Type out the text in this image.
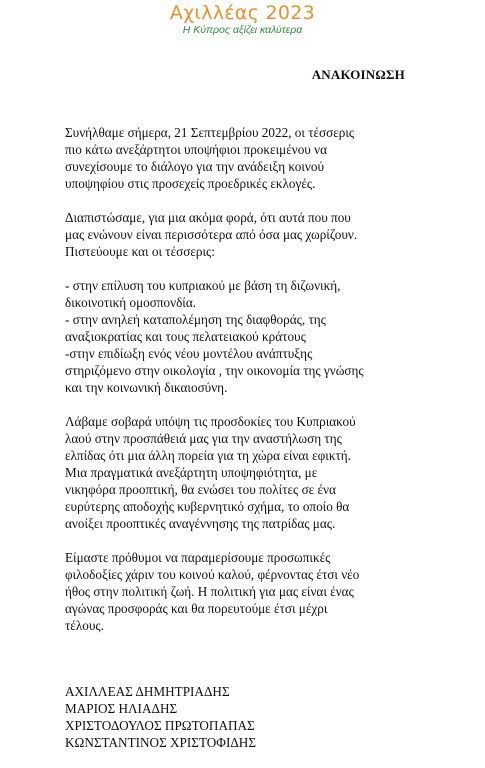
Αχιλλέας 2023
Η Κύπρος αξίζει καλύτερα
ΑΝΑΚΟΙΝΩΣΗ
Συνήλθαμε σήμερα, 21 Σεπτεμβρίου 2022, οι τέσσερις
πιο κάτω ανεξάρτητοι υποψήφιοι προκειμένου να
συνεχίσουμε το διάλογο για την ανάδειξη κοινού
υποψηφίου στις προσεχείς προεδρικές εκλογές.
Διαπιστώσαμε, για μια ακόμα φορά, ότι αυτά που που
μας ενώνουν είναι περισσότερα από όσα μας χωρίζουν.
Πιστεύουμε και οι τέσσερις:
- στην επίλυση του κυπριακού με βάση τη διζωνική,
δικοινοτική ομοσπονδία.
- στην ανηλεή καταπολέμηση της διαφθοράς, της
αναξιοκρατίας και τους πελατειακού κράτους
-στην επιδίωξη ενός νέου μοντέλου ανάπτυξης
στηριζόμενο στην οικολογία , την οικονομία της γνώσης
και την κοινωνική δικαιοσύνη.
Λάβαμε σοβαρά υπόψη τις προσδοκίες του Κυπριακού
λαού στην προσπάθειά μας για την αναστήλωση της
ελπίδας ότι μια άλλη πορεία για τη χώρα είναι εφικτή.
Μια πραγματικά ανεξάρτητη υποψηφιότητα, με
νικηφόρα προοπτική, θα ενώσει του πολίτες σε ένα
ευρύτερης αποδοχής κυβερνητικό σχήμα, το οποίο θα
ανοίξει προοπτικές αναγέννησης της πατρίδας μας.
Είμαστε πρόθυμοι να παραμερίσουμε προσωπικές
φιλοδοξίες χάριν του κοινού καλού, φέρνοντας έτσι νέο
ήθος στην πολιτική ζωή. Η πολιτική για μας είναι ένας
αγώνας προσφοράς και θα πορευτούμε έτσι μέχρι
τέλους.
ΑΧΙΛΛΕΑΣ ΔΗΜΗΤΡΙΑΔΗΣ
ΜΑΡΙΟΣ ΗΛΙΑΔΗΣ
ΧΡΙΣΤΟΔΟΥΛΟΣ ΠΡΩΤΟΠΑΠΑΣ
ΚΩΝΣΤΑΝΤΙΝΟΣ ΧΡΙΣΤΟΦΙΔΗΣ
